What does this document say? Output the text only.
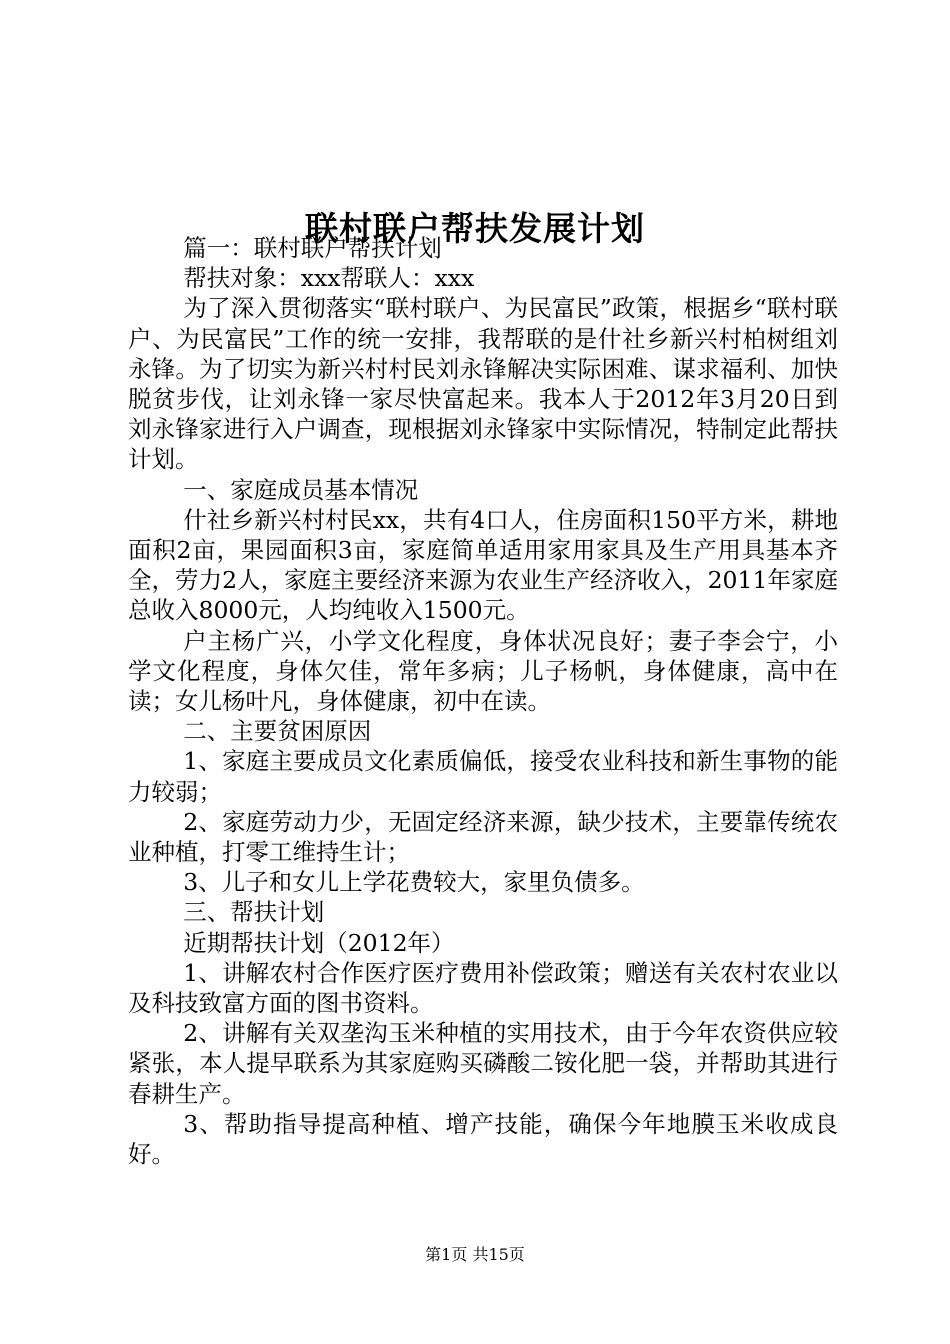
联村联户帮扶发展计划

篇一：联村联户帮扶计划

帮扶对象：xxx帮联人：xxx

为了深入贯彻落实“联村联户、为民富民”政策，根据乡“联村联户、为民富民”工作的统一安排，我帮联的是什社乡新兴村柏树组刘永锋。为了切实为新兴村村民刘永锋解决实际困难、谋求福利、加快脱贫步伐，让刘永锋一家尽快富起来。我本人于2012年3月20日到刘永锋家进行入户调查，现根据刘永锋家中实际情况，特制定此帮扶计划。

一、家庭成员基本情况

什社乡新兴村村民xx，共有4口人，住房面积150平方米，耕地面积2亩，果园面积3亩，家庭简单适用家用家具及生产用具基本齐全，劳力2人，家庭主要经济来源为农业生产经济收入，2011年家庭总收入8000元，人均纯收入1500元。

户主杨广兴，小学文化程度，身体状况良好；妻子李会宁，小学文化程度，身体欠佳，常年多病；儿子杨帆，身体健康，高中在读；女儿杨叶凡，身体健康，初中在读。

二、主要贫困原因

1、家庭主要成员文化素质偏低，接受农业科技和新生事物的能力较弱；

2、家庭劳动力少，无固定经济来源，缺少技术，主要靠传统农业种植，打零工维持生计；

3、儿子和女儿上学花费较大，家里负债多。

三、帮扶计划

近期帮扶计划（2012年）

1、讲解农村合作医疗医疗费用补偿政策；赠送有关农村农业以及科技致富方面的图书资料。

2、讲解有关双垄沟玉米种植的实用技术，由于今年农资供应较紧张，本人提早联系为其家庭购买磷酸二铵化肥一袋，并帮助其进行春耕生产。

3、帮助指导提高种植、增产技能，确保今年地膜玉米收成良好。

第1页 共15页
